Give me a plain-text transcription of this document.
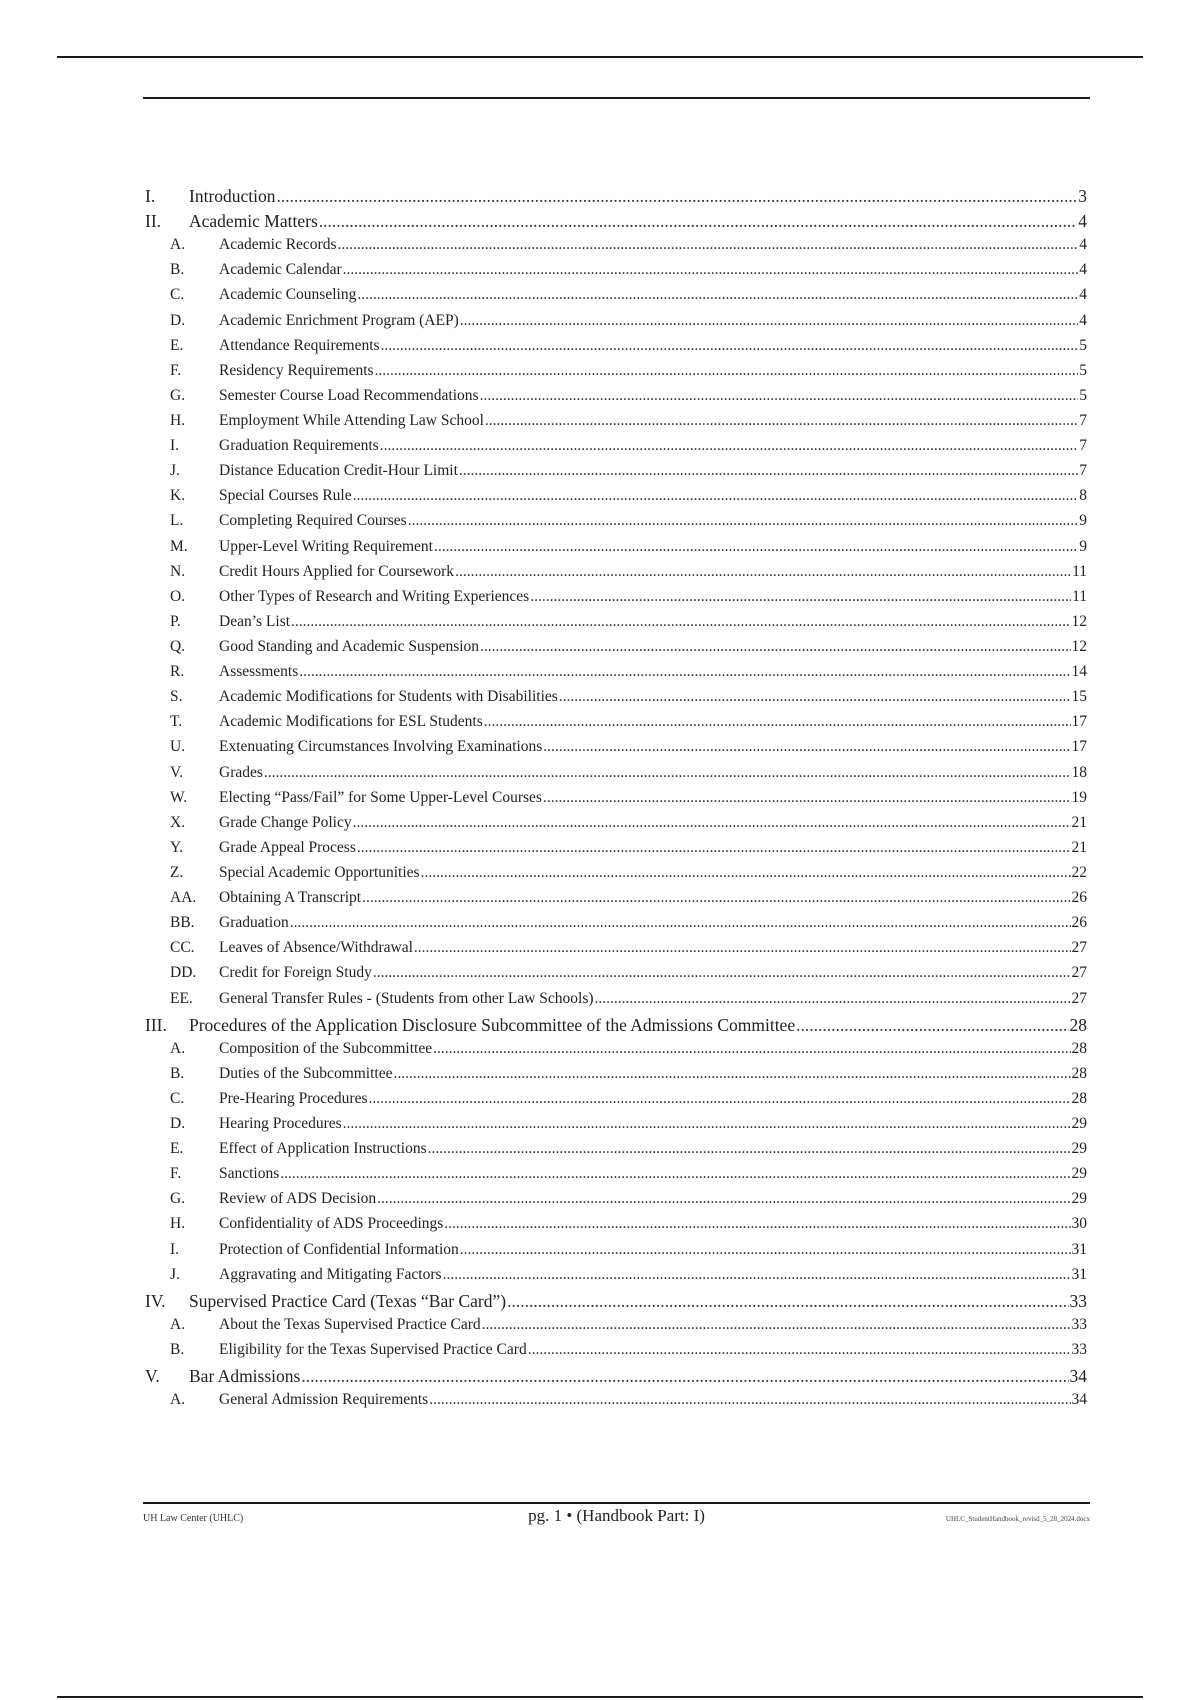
I.	Introduction .....	3
II.	Academic Matters .....	4
A.	Academic Records .....	4
B.	Academic Calendar .....	4
C.	Academic Counseling .....	4
D.	Academic Enrichment Program (AEP) .....	4
E.	Attendance Requirements .....	5
F.	Residency Requirements .....	5
G.	Semester Course Load Recommendations .....	5
H.	Employment While Attending Law School .....	7
I.	Graduation Requirements .....	7
J.	Distance Education Credit-Hour Limit .....	7
K.	Special Courses Rule .....	8
L.	Completing Required Courses .....	9
M.	Upper-Level Writing Requirement .....	9
N.	Credit Hours Applied for Coursework .....	11
O.	Other Types of Research and Writing Experiences .....	11
P.	Dean’s List .....	12
Q.	Good Standing and Academic Suspension .....	12
R.	Assessments .....	14
S.	Academic Modifications for Students with Disabilities .....	15
T.	Academic Modifications for ESL Students .....	17
U.	Extenuating Circumstances Involving Examinations .....	17
V.	Grades .....	18
W.	Electing “Pass/Fail” for Some Upper-Level Courses .....	19
X.	Grade Change Policy .....	21
Y.	Grade Appeal Process .....	21
Z.	Special Academic Opportunities .....	22
AA.	Obtaining A Transcript .....	26
BB.	Graduation .....	26
CC.	Leaves of Absence/Withdrawal .....	27
DD.	Credit for Foreign Study .....	27
EE.	General Transfer Rules - (Students from other Law Schools) .....	27
III.	Procedures of the Application Disclosure Subcommittee of the Admissions Committee .....	28
A.	Composition of the Subcommittee .....	28
B.	Duties of the Subcommittee .....	28
C.	Pre-Hearing Procedures .....	28
D.	Hearing Procedures .....	29
E.	Effect of Application Instructions .....	29
F.	Sanctions .....	29
G.	Review of ADS Decision .....	29
H.	Confidentiality of ADS Proceedings .....	30
I.	Protection of Confidential Information .....	31
J.	Aggravating and Mitigating Factors .....	31
IV.	Supervised Practice Card (Texas “Bar Card”) .....	33
A.	About the Texas Supervised Practice Card .....	33
B.	Eligibility for the Texas Supervised Practice Card .....	33
V.	Bar Admissions .....	34
A.	General Admission Requirements .....	34
UH Law Center (UHLC)	pg. 1 • (Handbook Part: I)	UHLC_StudentHandbook_revisd_5_28_2024.docx
